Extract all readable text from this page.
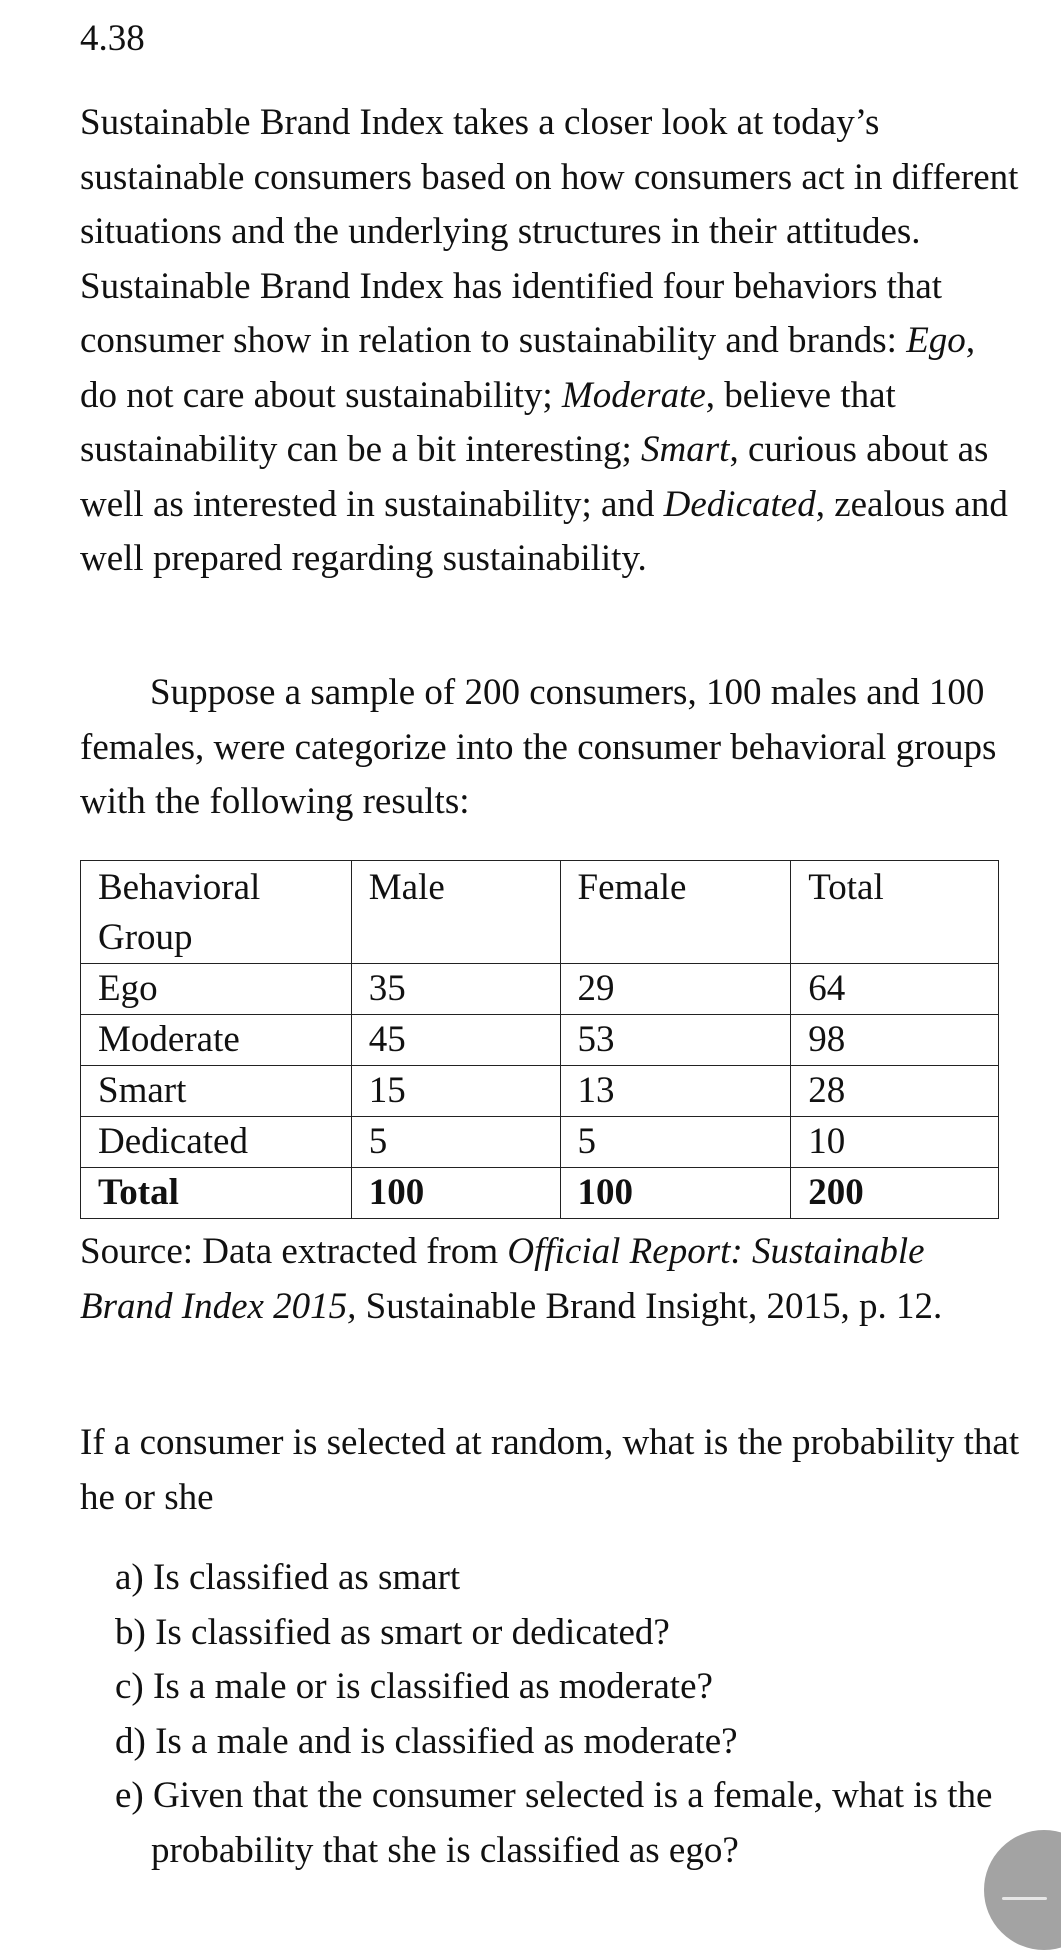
4.38

Sustainable Brand Index takes a closer look at today’s sustainable consumers based on how consumers act in different situations and the underlying structures in their attitudes. Sustainable Brand Index has identified four behaviors that consumer show in relation to sustainability and brands: Ego, do not care about sustainability; Moderate, believe that sustainability can be a bit interesting; Smart, curious about as well as interested in sustainability; and Dedicated, zealous and well prepared regarding sustainability.

Suppose a sample of 200 consumers, 100 males and 100 females, were categorize into the consumer behavioral groups with the following results:

Behavioral Group	Male	Female	Total
Ego	35	29	64
Moderate	45	53	98
Smart	15	13	28
Dedicated	5	5	10
Total	100	100	200

Source: Data extracted from Official Report: Sustainable Brand Index 2015, Sustainable Brand Insight, 2015, p. 12.

If a consumer is selected at random, what is the probability that he or she

a) Is classified as smart
b) Is classified as smart or dedicated?
c) Is a male or is classified as moderate?
d) Is a male and is classified as moderate?
e) Given that the consumer selected is a female, what is the probability that she is classified as ego?
